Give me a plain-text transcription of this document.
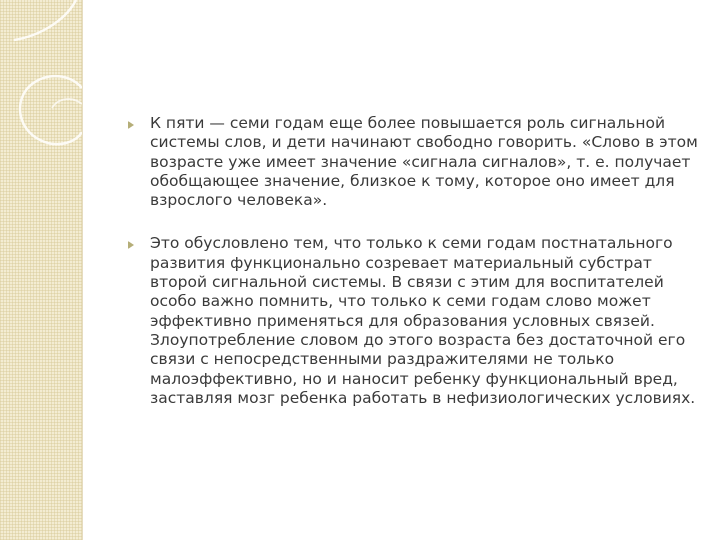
К пяти — семи годам еще более повышается роль сигнальной системы слов, и дети начинают свободно говорить. «Слово в этом возрасте уже имеет значение «сигнала сигналов», т. е. получает обобщающее значение, близкое к тому, которое оно имеет для взрослого человека».
Это обусловлено тем, что только к семи годам постнатального развития функционально созревает материальный субстрат второй сигнальной системы. В связи с этим для воспитателей особо важно помнить, что только к семи годам слово может эффективно применяться для образования условных связей. Злоупотребление словом до этого возраста без достаточной его связи с непосредственными раздражителями не только малоэффективно, но и наносит ребенку функциональный вред, заставляя мозг ребенка работать в нефизиологических условиях.
